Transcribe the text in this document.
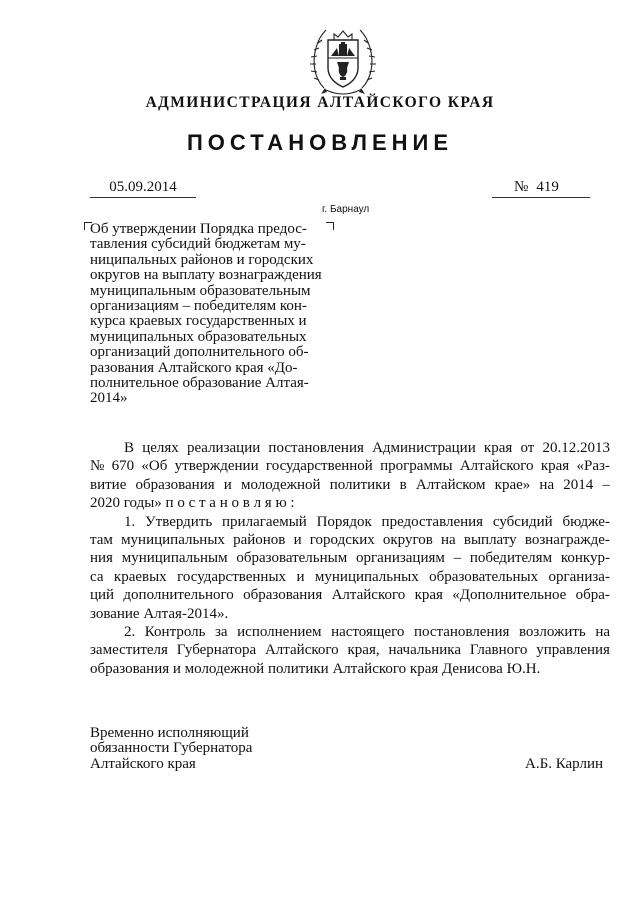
АДМИНИСТРАЦИЯ АЛТАЙСКОГО КРАЯ
ПОСТАНОВЛЕНИЕ
05.09.2014	№ 419
г. Барнаул
Об утверждении Порядка предос-
тавления субсидий бюджетам му-
ниципальных районов и городских
округов на выплату вознаграждения
муниципальным образовательным
организациям – победителям кон-
курса краевых государственных и
муниципальных образовательных
организаций дополнительного об-
разования Алтайского края «До-
полнительное образование Алтая-
2014»
В целях реализации постановления Администрации края от 20.12.2013
№ 670 «Об утверждении государственной программы Алтайского края «Раз-
витие образования и молодежной политики в Алтайском крае» на 2014 –
2020 годы» п о с т а н о в л я ю :
1. Утвердить прилагаемый Порядок предоставления субсидий бюдже-
там муниципальных районов и городских округов на выплату вознагражде-
ния муниципальным образовательным организациям – победителям конкур-
са краевых государственных и муниципальных образовательных организа-
ций дополнительного образования Алтайского края «Дополнительное обра-
зование Алтая-2014».
2. Контроль за исполнением настоящего постановления возложить на
заместителя Губернатора Алтайского края, начальника Главного управления
образования и молодежной политики Алтайского края Денисова Ю.Н.
Временно исполняющий
обязанности Губернатора
Алтайского края	А.Б. Карлин
